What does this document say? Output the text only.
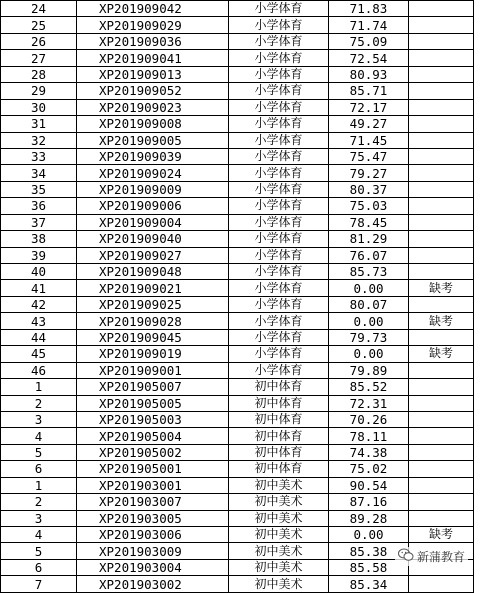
24	XP201909042	小学体育	71.83	
25	XP201909029	小学体育	71.74	
26	XP201909036	小学体育	75.09	
27	XP201909041	小学体育	72.54	
28	XP201909013	小学体育	80.93	
29	XP201909052	小学体育	85.71	
30	XP201909023	小学体育	72.17	
31	XP201909008	小学体育	49.27	
32	XP201909005	小学体育	71.45	
33	XP201909039	小学体育	75.47	
34	XP201909024	小学体育	79.27	
35	XP201909009	小学体育	80.37	
36	XP201909006	小学体育	75.03	
37	XP201909004	小学体育	78.45	
38	XP201909040	小学体育	81.29	
39	XP201909027	小学体育	76.07	
40	XP201909048	小学体育	85.73	
41	XP201909021	小学体育	0.00	缺考
42	XP201909025	小学体育	80.07	
43	XP201909028	小学体育	0.00	缺考
44	XP201909045	小学体育	79.73	
45	XP201909019	小学体育	0.00	缺考
46	XP201909001	小学体育	79.89	
1	XP201905007	初中体育	85.52	
2	XP201905005	初中体育	72.31	
3	XP201905003	初中体育	70.26	
4	XP201905004	初中体育	78.11	
5	XP201905002	初中体育	74.38	
6	XP201905001	初中体育	75.02	
1	XP201903001	初中美术	90.54	
2	XP201903007	初中美术	87.16	
3	XP201903005	初中美术	89.28	
4	XP201903006	初中美术	0.00	缺考
5	XP201903009	初中美术	85.38	
6	XP201903004	初中美术	85.58	
7	XP201903002	初中美术	85.34	
新蒲教育
